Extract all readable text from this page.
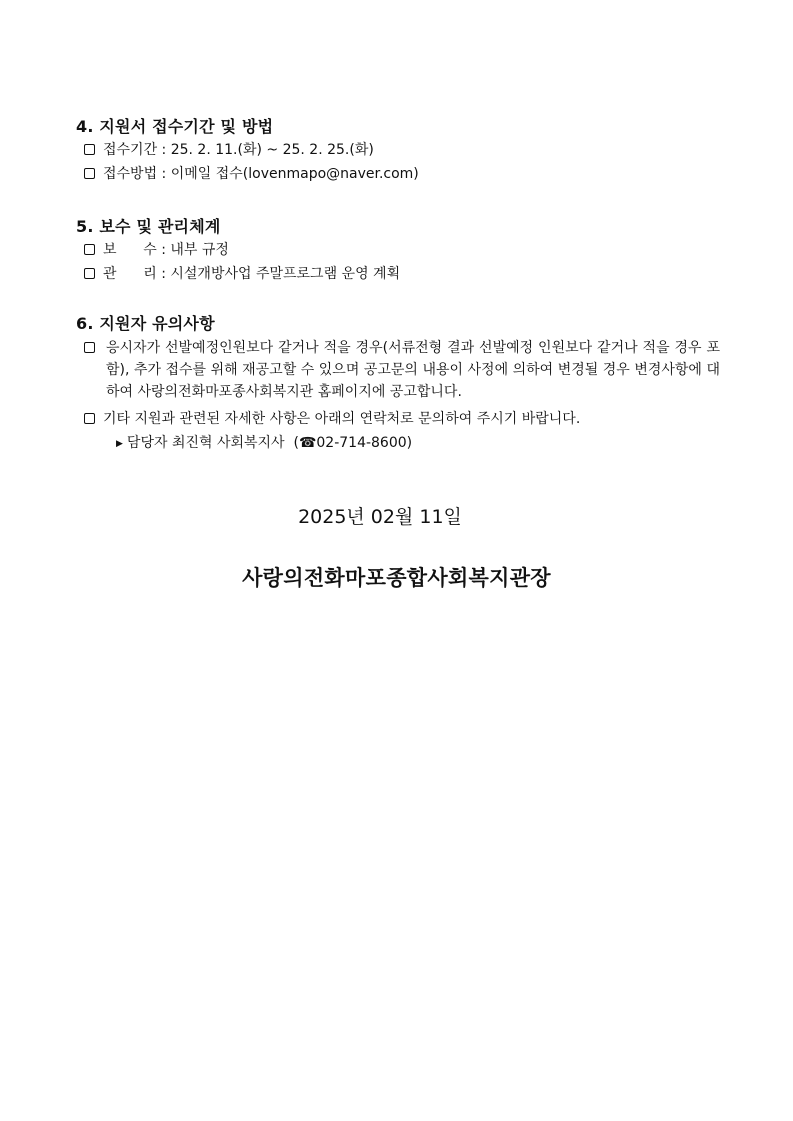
4. 지원서 접수기간 및 방법
접수기간 : 25. 2. 11.(화) ~ 25. 2. 25.(화)
접수방법 : 이메일 접수(lovenmapo@naver.com)
5. 보수 및 관리체계
보      수 : 내부 규정
관      리 : 시설개방사업 주말프로그램 운영 계획
6. 지원자 유의사항
응시자가 선발예정인원보다 같거나 적을 경우(서류전형 결과 선발예정 인원보다 같거나 적을 경우 포함), 추가 접수를 위해 재공고할 수 있으며 공고문의 내용이 사정에 의하여 변경될 경우 변경사항에 대하여 사랑의전화마포종사회복지관 홈페이지에 공고합니다.
기타 지원과 관련된 자세한 사항은 아래의 연락처로 문의하여 주시기 바랍니다.
▶ 담당자 최진혁 사회복지사  (☎02-714-8600)
2025년 02월 11일
사랑의전화마포종합사회복지관장
